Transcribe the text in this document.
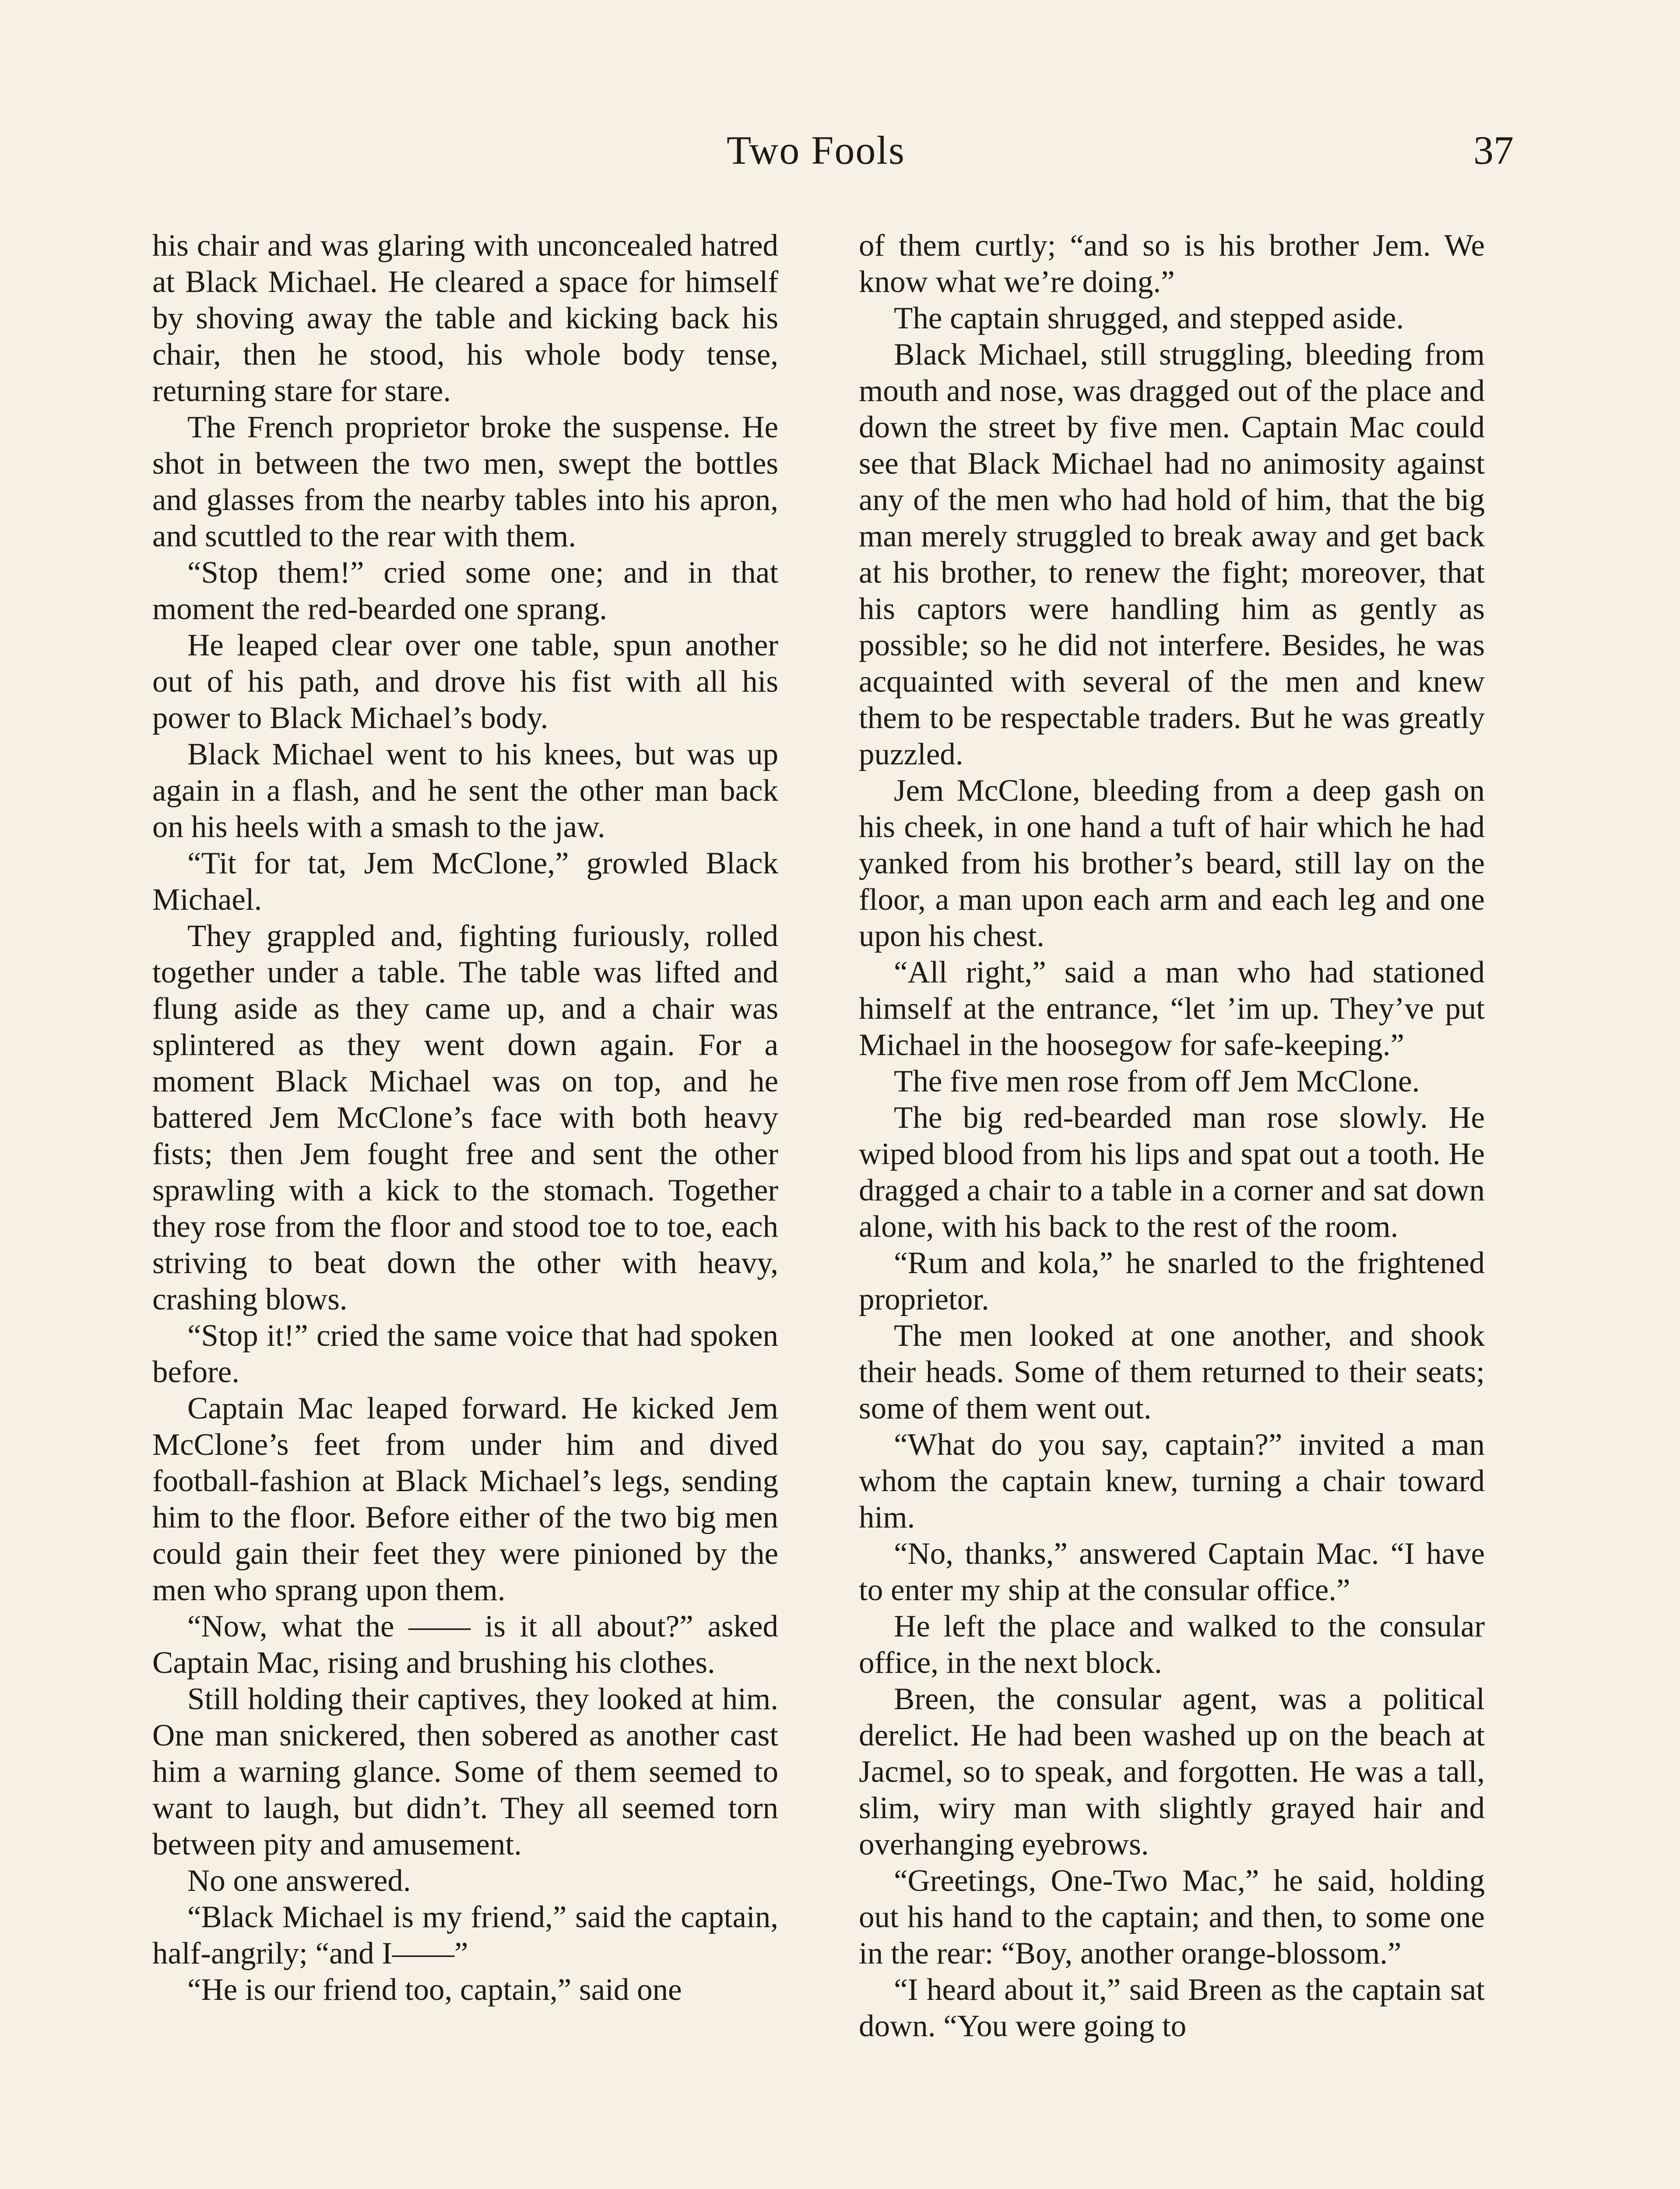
Two Fools	37

his chair and was glaring with unconcealed hatred at Black Michael. He cleared a space for himself by shoving away the table and kicking back his chair, then he stood, his whole body tense, returning stare for stare.

The French proprietor broke the suspense. He shot in between the two men, swept the bottles and glasses from the nearby tables into his apron, and scuttled to the rear with them.

“Stop them!” cried some one; and in that moment the red-bearded one sprang.

He leaped clear over one table, spun another out of his path, and drove his fist with all his power to Black Michael’s body.

Black Michael went to his knees, but was up again in a flash, and he sent the other man back on his heels with a smash to the jaw.

“Tit for tat, Jem McClone,” growled Black Michael.

They grappled and, fighting furiously, rolled together under a table. The table was lifted and flung aside as they came up, and a chair was splintered as they went down again. For a moment Black Michael was on top, and he battered Jem McClone’s face with both heavy fists; then Jem fought free and sent the other sprawling with a kick to the stomach. Together they rose from the floor and stood toe to toe, each striving to beat down the other with heavy, crashing blows.

“Stop it!” cried the same voice that had spoken before.

Captain Mac leaped forward. He kicked Jem McClone’s feet from under him and dived football-fashion at Black Michael’s legs, sending him to the floor. Before either of the two big men could gain their feet they were pinioned by the men who sprang upon them.

“Now, what the —— is it all about?” asked Captain Mac, rising and brushing his clothes.

Still holding their captives, they looked at him. One man snickered, then sobered as another cast him a warning glance. Some of them seemed to want to laugh, but didn’t. They all seemed torn between pity and amusement.

No one answered.

“Black Michael is my friend,” said the captain, half-angrily; “and I——”

“He is our friend too, captain,” said one

of them curtly; “and so is his brother Jem. We know what we’re doing.”

The captain shrugged, and stepped aside.

Black Michael, still struggling, bleeding from mouth and nose, was dragged out of the place and down the street by five men. Captain Mac could see that Black Michael had no animosity against any of the men who had hold of him, that the big man merely struggled to break away and get back at his brother, to renew the fight; moreover, that his captors were handling him as gently as possible; so he did not interfere. Besides, he was acquainted with several of the men and knew them to be respectable traders. But he was greatly puzzled.

Jem McClone, bleeding from a deep gash on his cheek, in one hand a tuft of hair which he had yanked from his brother’s beard, still lay on the floor, a man upon each arm and each leg and one upon his chest.

“All right,” said a man who had stationed himself at the entrance, “let ’im up. They’ve put Michael in the hoosegow for safe-keeping.”

The five men rose from off Jem McClone.

The big red-bearded man rose slowly. He wiped blood from his lips and spat out a tooth. He dragged a chair to a table in a corner and sat down alone, with his back to the rest of the room.

“Rum and kola,” he snarled to the frightened proprietor.

The men looked at one another, and shook their heads. Some of them returned to their seats; some of them went out.

“What do you say, captain?” invited a man whom the captain knew, turning a chair toward him.

“No, thanks,” answered Captain Mac. “I have to enter my ship at the consular office.”

He left the place and walked to the consular office, in the next block.

Breen, the consular agent, was a political derelict. He had been washed up on the beach at Jacmel, so to speak, and forgotten. He was a tall, slim, wiry man with slightly grayed hair and overhanging eyebrows.

“Greetings, One-Two Mac,” he said, holding out his hand to the captain; and then, to some one in the rear: “Boy, another orange-blossom.”

“I heard about it,” said Breen as the captain sat down. “You were going to
